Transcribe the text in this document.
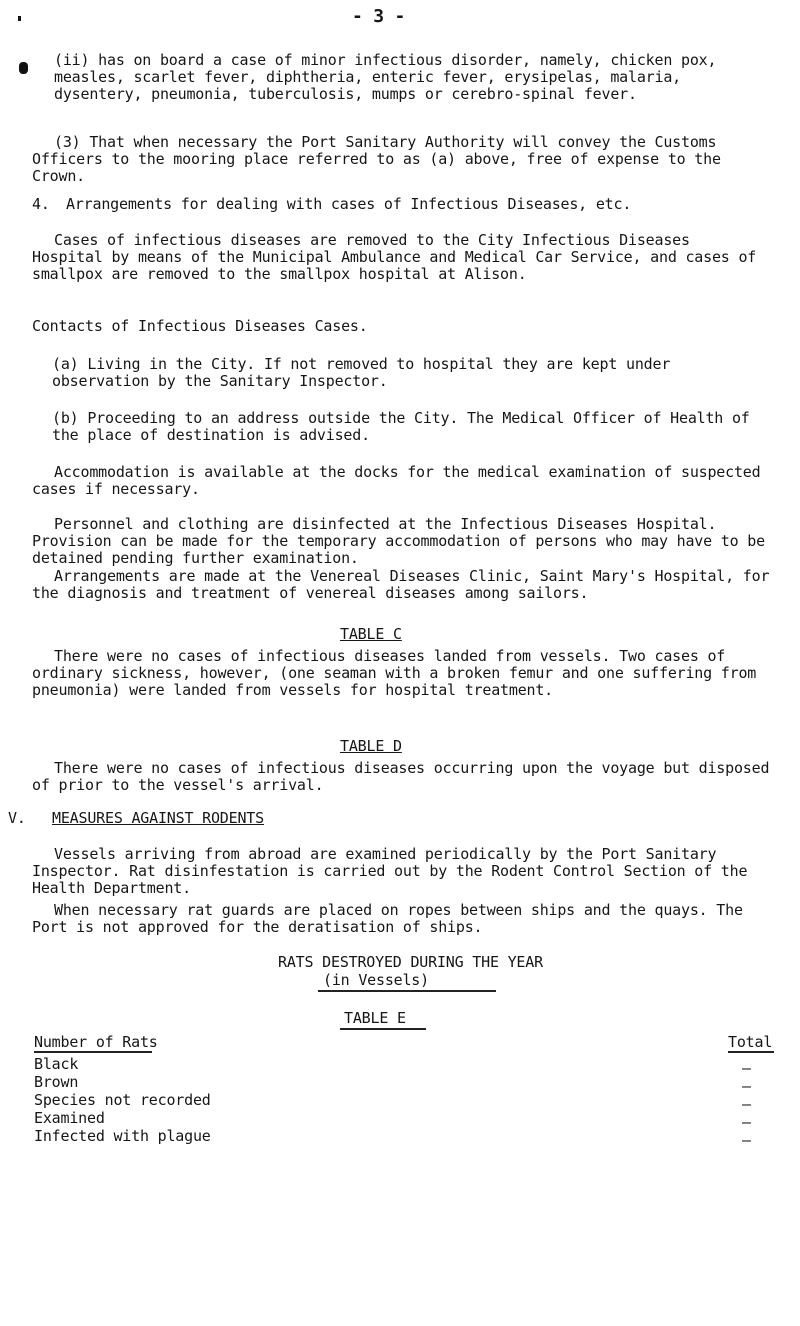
- 3 -
(ii) has on board a case of minor infectious disorder, namely, chicken pox, measles, scarlet fever, diphtheria, enteric fever, erysipelas, malaria, dysentery, pneumonia, tuberculosis, mumps or cerebro-spinal fever.
(3) That when necessary the Port Sanitary Authority will convey the Customs Officers to the mooring place referred to as (a) above, free of expense to the Crown.
4. Arrangements for dealing with cases of Infectious Diseases, etc.
Cases of infectious diseases are removed to the City Infectious Diseases Hospital by means of the Municipal Ambulance and Medical Car Service, and cases of smallpox are removed to the smallpox hospital at Alison.
Contacts of Infectious Diseases Cases.
(a) Living in the City. If not removed to hospital they are kept under observation by the Sanitary Inspector.
(b) Proceeding to an address outside the City. The Medical Officer of Health of the place of destination is advised.
Accommodation is available at the docks for the medical examination of suspected cases if necessary.
Personnel and clothing are disinfected at the Infectious Diseases Hospital. Provision can be made for the temporary accommodation of persons who may have to be detained pending further examination.
Arrangements are made at the Venereal Diseases Clinic, Saint Mary's Hospital, for the diagnosis and treatment of venereal diseases among sailors.
TABLE C
There were no cases of infectious diseases landed from vessels. Two cases of ordinary sickness, however, (one seaman with a broken femur and one suffering from pneumonia) were landed from vessels for hospital treatment.
TABLE D
There were no cases of infectious diseases occurring upon the voyage but disposed of prior to the vessel's arrival.
V. MEASURES AGAINST RODENTS
Vessels arriving from abroad are examined periodically by the Port Sanitary Inspector. Rat disinfestation is carried out by the Rodent Control Section of the Health Department.
When necessary rat guards are placed on ropes between ships and the quays. The Port is not approved for the deratisation of ships.
RATS DESTROYED DURING THE YEAR
(in Vessels)
TABLE E
Number of Rats	Total
Black	–
Brown	–
Species not recorded	–
Examined	–
Infected with plague	–
